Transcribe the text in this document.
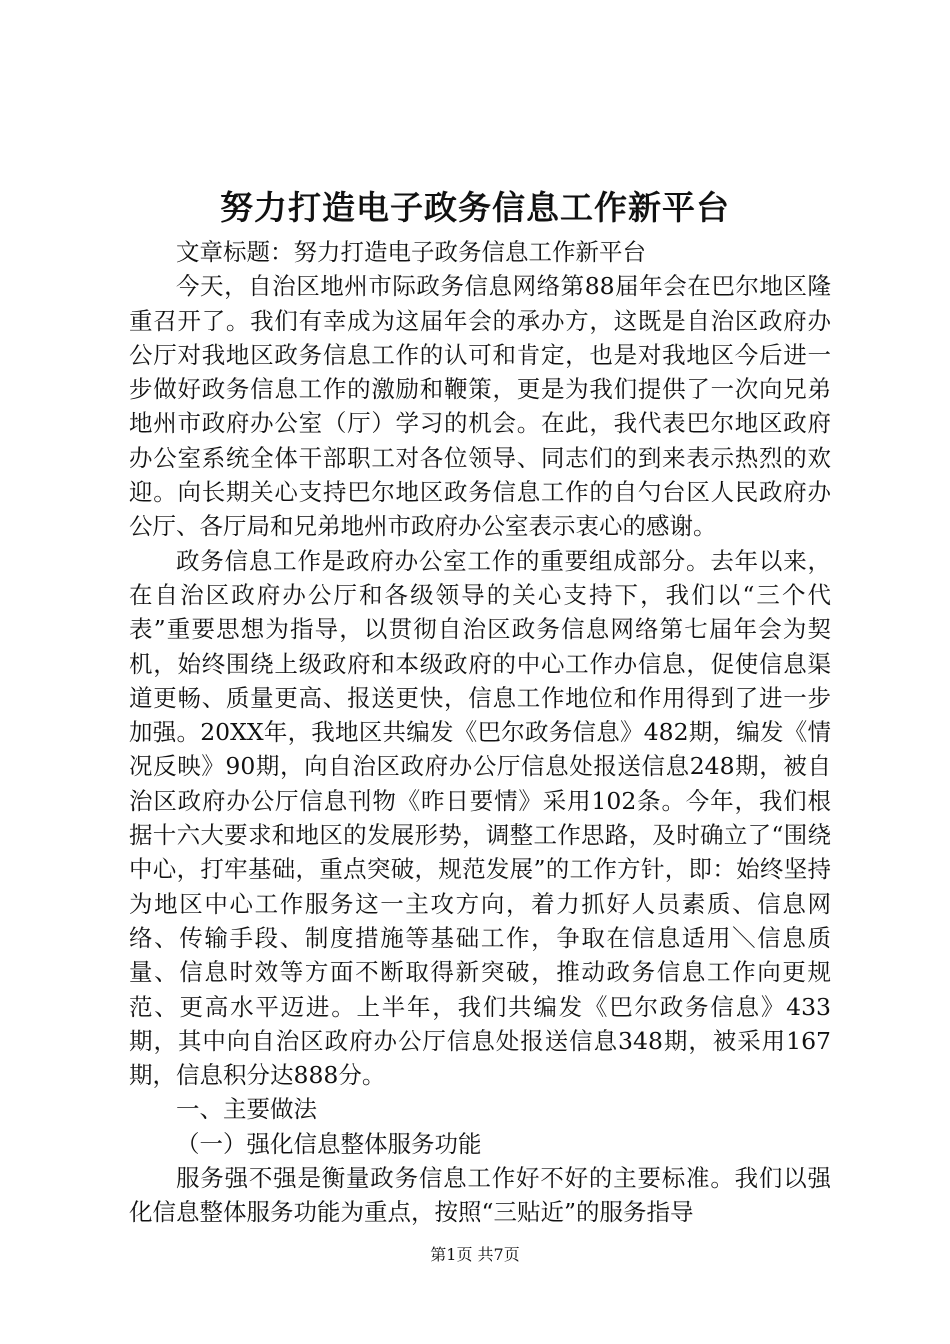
努力打造电子政务信息工作新平台

文章标题：努力打造电子政务信息工作新平台

今天，自治区地州市际政务信息网络第88届年会在巴尔地区隆重召开了。我们有幸成为这届年会的承办方，这既是自治区政府办公厅对我地区政务信息工作的认可和肯定，也是对我地区今后进一步做好政务信息工作的激励和鞭策，更是为我们提供了一次向兄弟地州市政府办公室（厅）学习的机会。在此，我代表巴尔地区政府办公室系统全体干部职工对各位领导、同志们的到来表示热烈的欢迎。向长期关心支持巴尔地区政务信息工作的自勺台区人民政府办公厅、各厅局和兄弟地州市政府办公室表示衷心的感谢。

政务信息工作是政府办公室工作的重要组成部分。去年以来，在自治区政府办公厅和各级领导的关心支持下，我们以“三个代表”重要思想为指导，以贯彻自治区政务信息网络第七届年会为契机，始终围绕上级政府和本级政府的中心工作办信息，促使信息渠道更畅、质量更高、报送更快，信息工作地位和作用得到了进一步加强。20XX年，我地区共编发《巴尔政务信息》482期，编发《情况反映》90期，向自治区政府办公厅信息处报送信息248期，被自治区政府办公厅信息刊物《昨日要情》采用102条。今年，我们根据十六大要求和地区的发展形势，调整工作思路，及时确立了“围绕中心，打牢基础，重点突破，规范发展”的工作方针，即：始终坚持为地区中心工作服务这一主攻方向，着力抓好人员素质、信息网络、传输手段、制度措施等基础工作，争取在信息适用＼信息质量、信息时效等方面不断取得新突破，推动政务信息工作向更规范、更高水平迈进。上半年，我们共编发《巴尔政务信息》433期，其中向自治区政府办公厅信息处报送信息348期，被采用167期，信息积分达888分。

一、主要做法

（一）强化信息整体服务功能

服务强不强是衡量政务信息工作好不好的主要标准。我们以强化信息整体服务功能为重点，按照“三贴近”的服务指导

第1页 共7页
